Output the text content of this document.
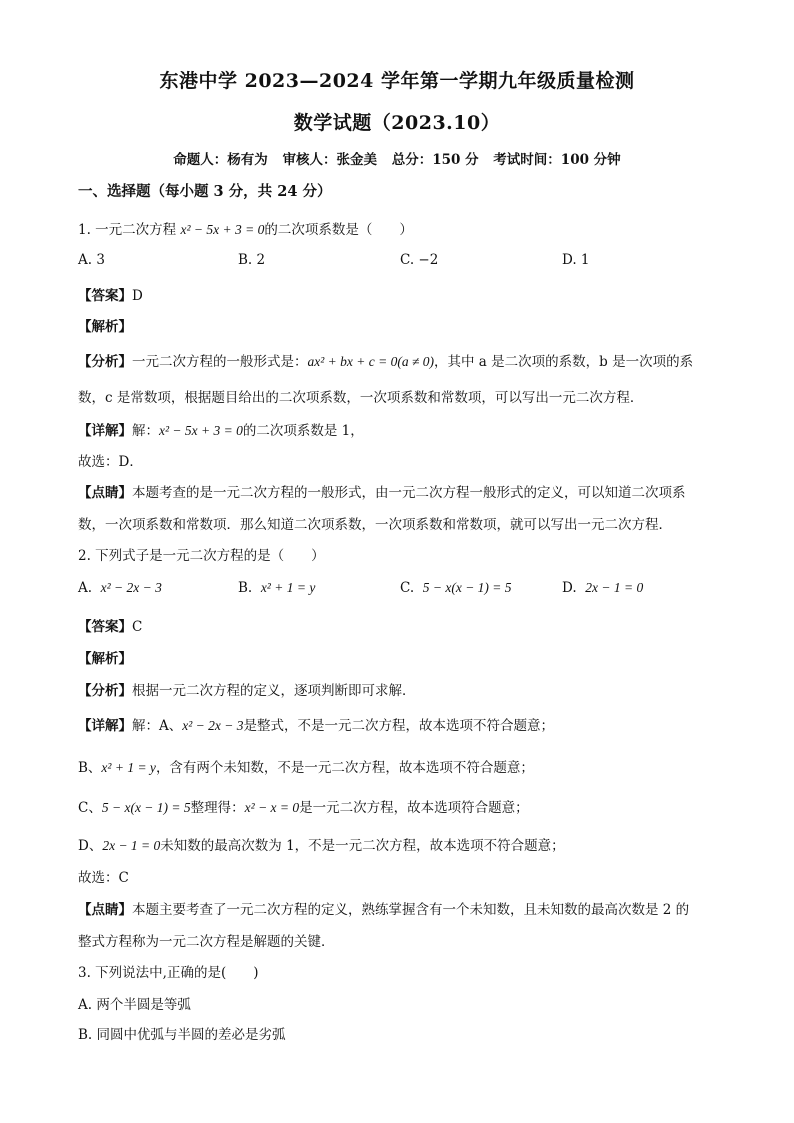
东港中学 2023—2024 学年第一学期九年级质量检测
数学试题（2023.10）
命题人：杨有为 审核人：张金美 总分：150 分 考试时间：100 分钟
一、选择题（每小题 3 分，共 24 分）
1. 一元二次方程 x² − 5x + 3 = 0的二次项系数是（　　）
A. 3	B. 2	C. −2	D. 1
【答案】D
【解析】
【分析】一元二次方程的一般形式是：ax² + bx + c = 0(a ≠ 0)，其中 a 是二次项的系数，b 是一次项的系
数，c 是常数项，根据题目给出的二次项系数，一次项系数和常数项，可以写出一元二次方程．
【详解】解：x² − 5x + 3 = 0的二次项系数是 1，
故选：D．
【点睛】本题考查的是一元二次方程的一般形式，由一元二次方程一般形式的定义，可以知道二次项系
数，一次项系数和常数项．那么知道二次项系数，一次项系数和常数项，就可以写出一元二次方程．
2. 下列式子是一元二次方程的是（　　）
A. x² − 2x − 3	B. x² + 1 = y	C. 5 − x(x − 1) = 5	D. 2x − 1 = 0
【答案】C
【解析】
【分析】根据一元二次方程的定义，逐项判断即可求解．
【详解】解：A、x² − 2x − 3是整式，不是一元二次方程，故本选项不符合题意；
B、x² + 1 = y，含有两个未知数，不是一元二次方程，故本选项不符合题意；
C、5 − x(x − 1) = 5整理得：x² − x = 0是一元二次方程，故本选项符合题意；
D、2x − 1 = 0未知数的最高次数为 1，不是一元二次方程，故本选项不符合题意；
故选：C
【点睛】本题主要考查了一元二次方程的定义，熟练掌握含有一个未知数，且未知数的最高次数是 2 的
整式方程称为一元二次方程是解题的关键．
3. 下列说法中,正确的是(　　)
A. 两个半圆是等弧
B. 同圆中优弧与半圆的差必是劣弧
